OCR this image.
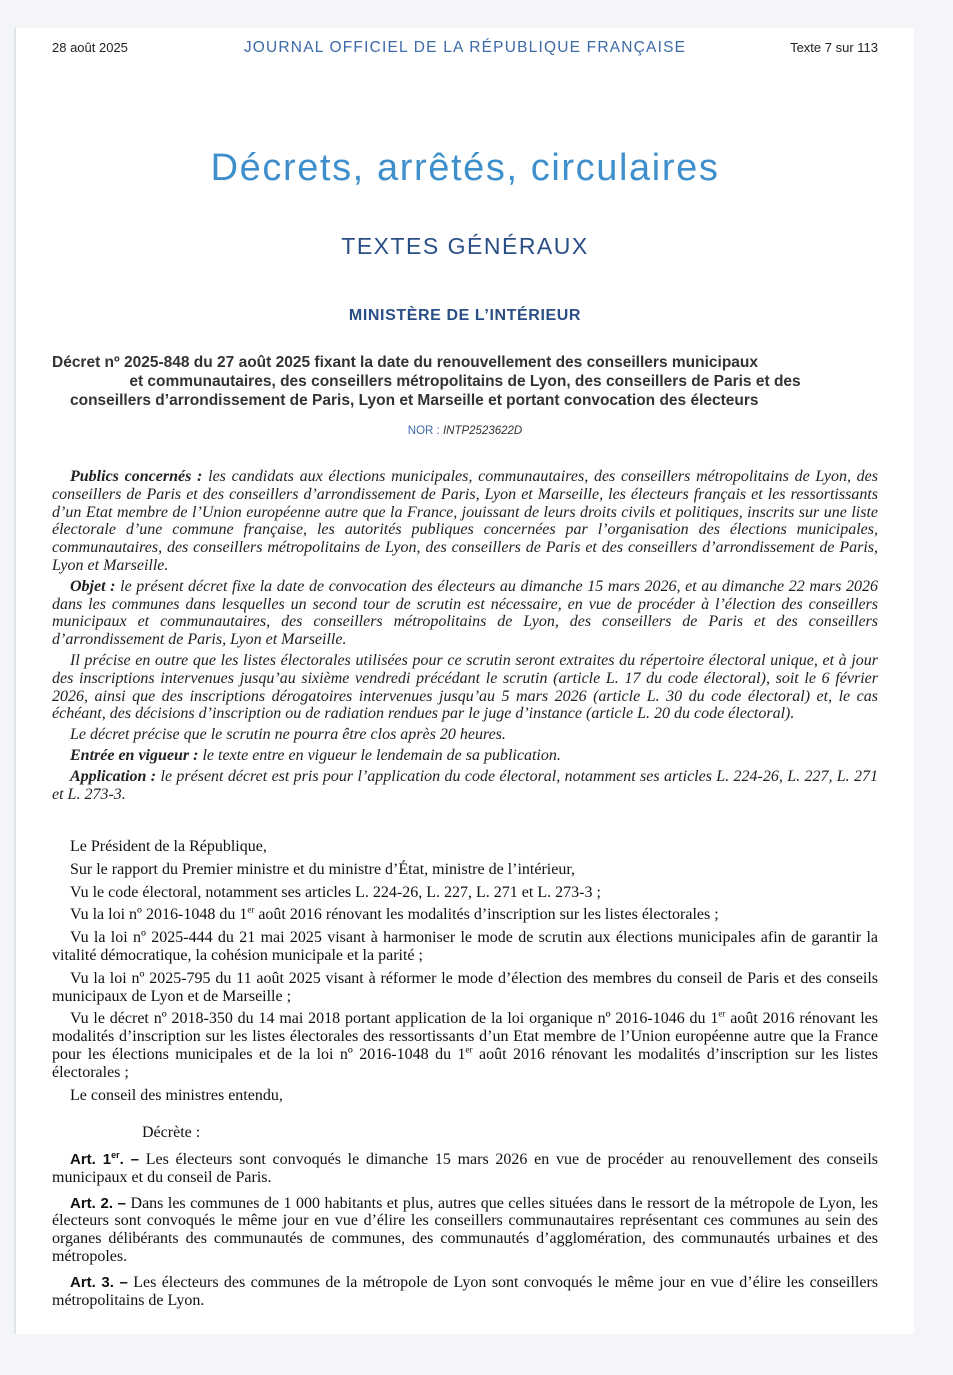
28 août 2025	JOURNAL OFFICIEL DE LA RÉPUBLIQUE FRANÇAISE	Texte 7 sur 113
Décrets, arrêtés, circulaires
TEXTES GÉNÉRAUX
MINISTÈRE DE L’INTÉRIEUR
Décret nº 2025-848 du 27 août 2025 fixant la date du renouvellement des conseillers municipaux
et communautaires, des conseillers métropolitains de Lyon, des conseillers de Paris et des
conseillers d’arrondissement de Paris, Lyon et Marseille et portant convocation des électeurs
NOR : INTP2523622D

Publics concernés : les candidats aux élections municipales, communautaires, des conseillers métropolitains de Lyon, des conseillers de Paris et des conseillers d’arrondissement de Paris, Lyon et Marseille, les électeurs français et les ressortissants d’un Etat membre de l’Union européenne autre que la France, jouissant de leurs droits civils et politiques, inscrits sur une liste électorale d’une commune française, les autorités publiques concernées par l’organisation des élections municipales, communautaires, des conseillers métropolitains de Lyon, des conseillers de Paris et des conseillers d’arrondissement de Paris, Lyon et Marseille.

Objet : le présent décret fixe la date de convocation des électeurs au dimanche 15 mars 2026, et au dimanche 22 mars 2026 dans les communes dans lesquelles un second tour de scrutin est nécessaire, en vue de procéder à l’élection des conseillers municipaux et communautaires, des conseillers métropolitains de Lyon, des conseillers de Paris et des conseillers d’arrondissement de Paris, Lyon et Marseille.

Il précise en outre que les listes électorales utilisées pour ce scrutin seront extraites du répertoire électoral unique, et à jour des inscriptions intervenues jusqu’au sixième vendredi précédant le scrutin (article L. 17 du code électoral), soit le 6 février 2026, ainsi que des inscriptions dérogatoires intervenues jusqu’au 5 mars 2026 (article L. 30 du code électoral) et, le cas échéant, des décisions d’inscription ou de radiation rendues par le juge d’instance (article L. 20 du code électoral).

Le décret précise que le scrutin ne pourra être clos après 20 heures.

Entrée en vigueur : le texte entre en vigueur le lendemain de sa publication.

Application : le présent décret est pris pour l’application du code électoral, notamment ses articles L. 224-26, L. 227, L. 271 et L. 273-3.

Le Président de la République,

Sur le rapport du Premier ministre et du ministre d’État, ministre de l’intérieur,

Vu le code électoral, notamment ses articles L. 224-26, L. 227, L. 271 et L. 273-3 ;

Vu la loi nº 2016-1048 du 1er août 2016 rénovant les modalités d’inscription sur les listes électorales ;

Vu la loi nº 2025-444 du 21 mai 2025 visant à harmoniser le mode de scrutin aux élections municipales afin de garantir la vitalité démocratique, la cohésion municipale et la parité ;

Vu la loi nº 2025-795 du 11 août 2025 visant à réformer le mode d’élection des membres du conseil de Paris et des conseils municipaux de Lyon et de Marseille ;

Vu le décret nº 2018-350 du 14 mai 2018 portant application de la loi organique nº 2016-1046 du 1er août 2016 rénovant les modalités d’inscription sur les listes électorales des ressortissants d’un Etat membre de l’Union européenne autre que la France pour les élections municipales et de la loi nº 2016-1048 du 1er août 2016 rénovant les modalités d’inscription sur les listes électorales ;

Le conseil des ministres entendu,

Décrète :

Art. 1er. – Les électeurs sont convoqués le dimanche 15 mars 2026 en vue de procéder au renouvellement des conseils municipaux et du conseil de Paris.

Art. 2. – Dans les communes de 1 000 habitants et plus, autres que celles situées dans le ressort de la métropole de Lyon, les électeurs sont convoqués le même jour en vue d’élire les conseillers communautaires représentant ces communes au sein des organes délibérants des communautés de communes, des communautés d’agglomération, des communautés urbaines et des métropoles.

Art. 3. – Les électeurs des communes de la métropole de Lyon sont convoqués le même jour en vue d’élire les conseillers métropolitains de Lyon.
